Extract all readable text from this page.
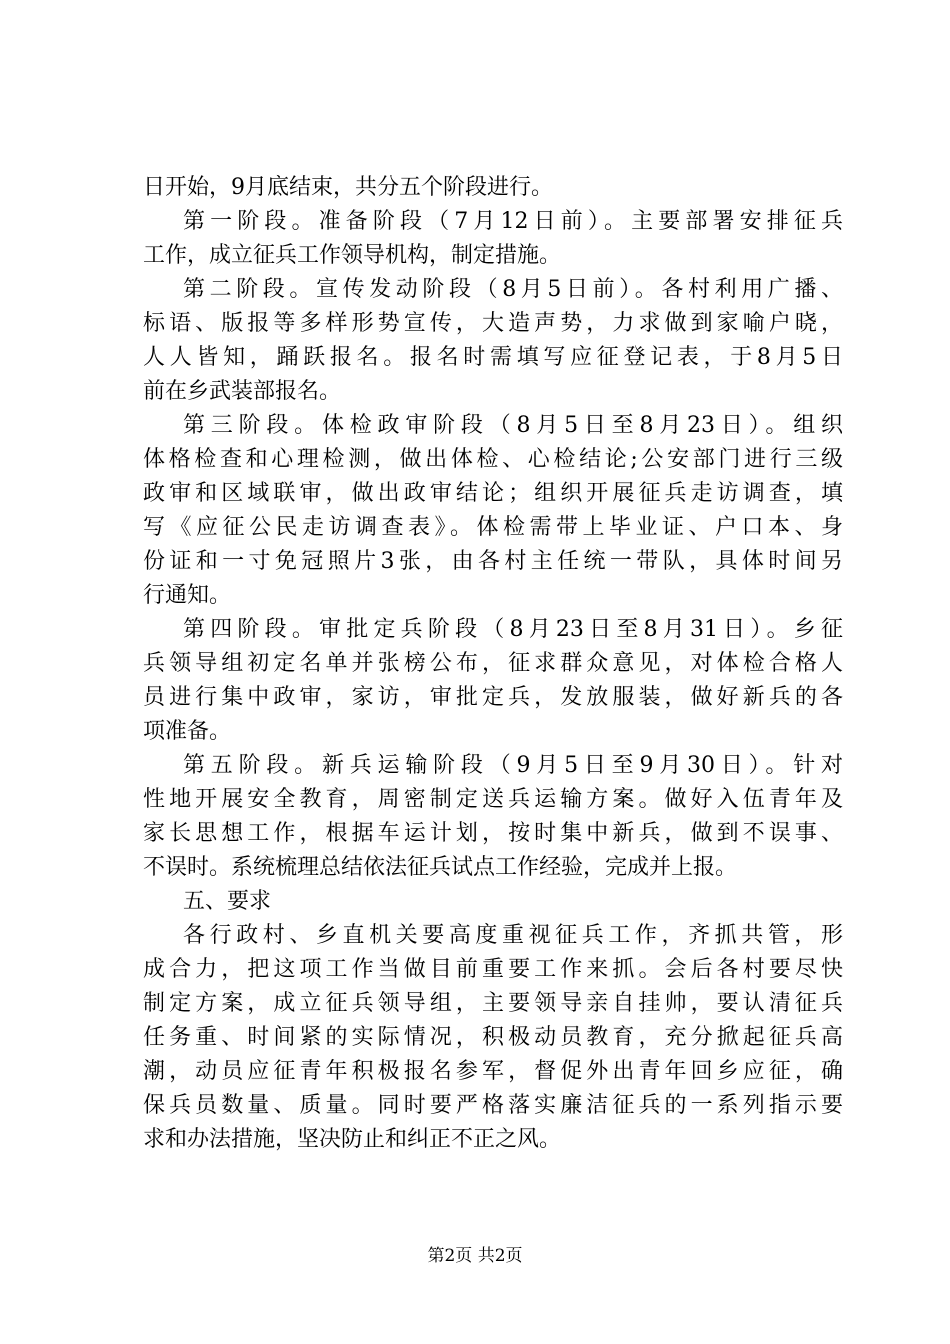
日开始，9月底结束，共分五个阶段进行。
第一阶段。准备阶段（7月12日前）。主要部署安排征兵
工作，成立征兵工作领导机构，制定措施。
第二阶段。宣传发动阶段（8月5日前）。各村利用广播、
标语、版报等多样形势宣传，大造声势，力求做到家喻户晓，
人人皆知，踊跃报名。报名时需填写应征登记表，于8月5日
前在乡武装部报名。
第三阶段。体检政审阶段（8月5日至8月23日）。组织
体格检查和心理检测，做出体检、心检结论;公安部门进行三级
政审和区域联审，做出政审结论；组织开展征兵走访调查，填
写《应征公民走访调查表》。体检需带上毕业证、户口本、身
份证和一寸免冠照片3张，由各村主任统一带队，具体时间另
行通知。
第四阶段。审批定兵阶段（8月23日至8月31日）。乡征
兵领导组初定名单并张榜公布，征求群众意见，对体检合格人
员进行集中政审，家访，审批定兵，发放服装，做好新兵的各
项准备。
第五阶段。新兵运输阶段（9月5日至9月30日）。针对
性地开展安全教育，周密制定送兵运输方案。做好入伍青年及
家长思想工作，根据车运计划，按时集中新兵，做到不误事、
不误时。系统梳理总结依法征兵试点工作经验，完成并上报。
五、要求
各行政村、乡直机关要高度重视征兵工作，齐抓共管，形
成合力，把这项工作当做目前重要工作来抓。会后各村要尽快
制定方案，成立征兵领导组，主要领导亲自挂帅，要认清征兵
任务重、时间紧的实际情况，积极动员教育，充分掀起征兵高
潮，动员应征青年积极报名参军，督促外出青年回乡应征，确
保兵员数量、质量。同时要严格落实廉洁征兵的一系列指示要
求和办法措施，坚决防止和纠正不正之风。
第2页 共2页
